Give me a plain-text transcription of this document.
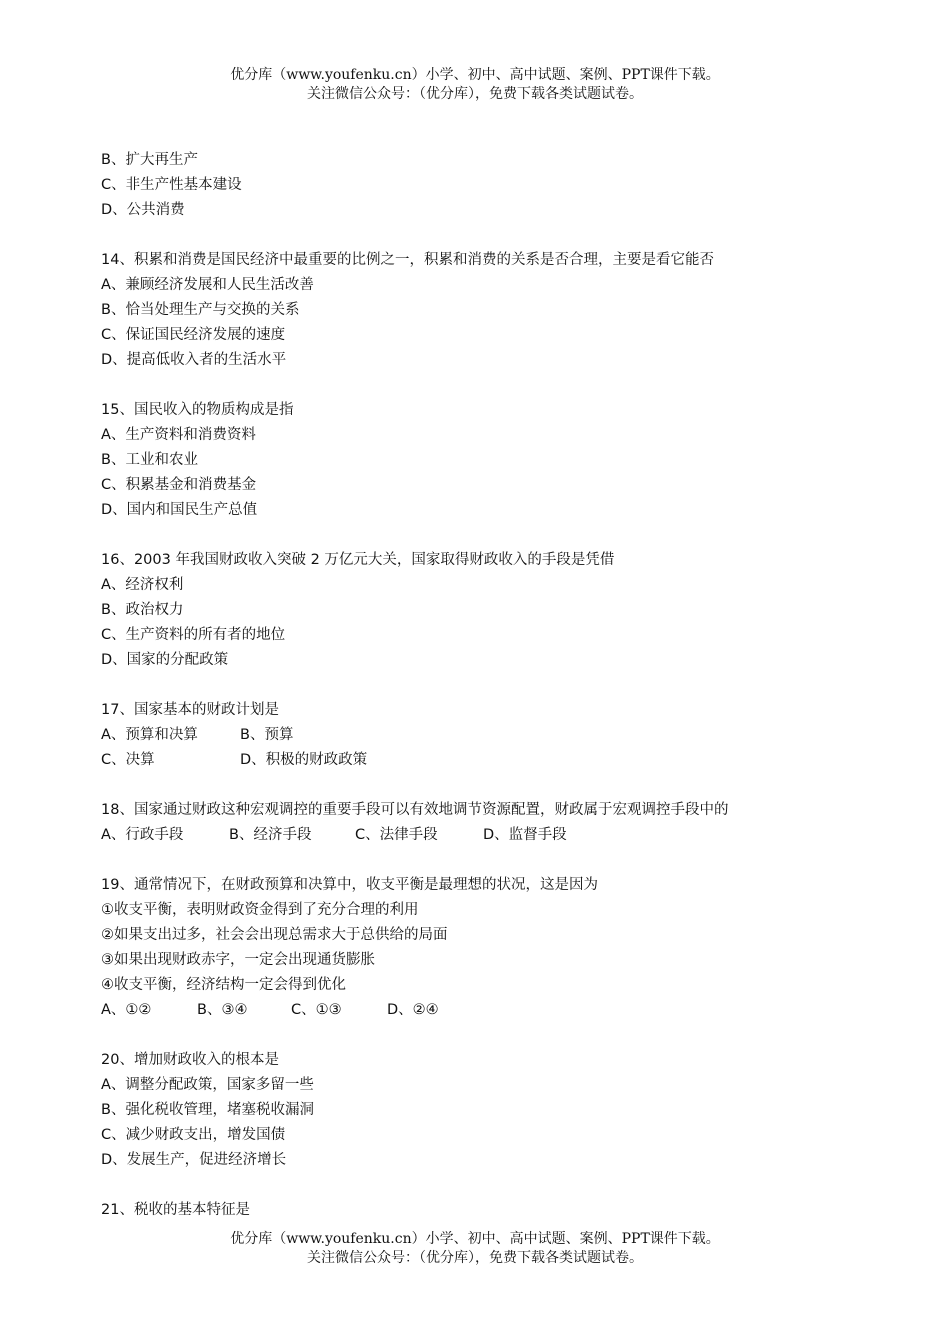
优分库（www.youfenku.cn）小学、初中、高中试题、案例、PPT课件下载。
关注微信公众号：（优分库），免费下载各类试题试卷。
B、扩大再生产
C、非生产性基本建设
D、公共消费
14、积累和消费是国民经济中最重要的比例之一，积累和消费的关系是否合理，主要是看它能否
A、兼顾经济发展和人民生活改善
B、恰当处理生产与交换的关系
C、保证国民经济发展的速度
D、提高低收入者的生活水平
15、国民收入的物质构成是指
A、生产资料和消费资料
B、工业和农业
C、积累基金和消费基金
D、国内和国民生产总值
16、2003 年我国财政收入突破 2 万亿元大关，国家取得财政收入的手段是凭借
A、经济权利
B、政治权力
C、生产资料的所有者的地位
D、国家的分配政策
17、国家基本的财政计划是
A、预算和决算	B、预算
C、决算	D、积极的财政政策
18、国家通过财政这种宏观调控的重要手段可以有效地调节资源配置，财政属于宏观调控手段中的
A、行政手段	B、经济手段	C、法律手段	D、监督手段
19、通常情况下，在财政预算和决算中，收支平衡是最理想的状况，这是因为
①收支平衡，表明财政资金得到了充分合理的利用
②如果支出过多，社会会出现总需求大于总供给的局面
③如果出现财政赤字，一定会出现通货膨胀
④收支平衡，经济结构一定会得到优化
A、①②	B、③④	C、①③	D、②④
20、增加财政收入的根本是
A、调整分配政策，国家多留一些
B、强化税收管理，堵塞税收漏洞
C、减少财政支出，增发国债
D、发展生产，促进经济增长
21、税收的基本特征是
优分库（www.youfenku.cn）小学、初中、高中试题、案例、PPT课件下载。
关注微信公众号：（优分库），免费下载各类试题试卷。
